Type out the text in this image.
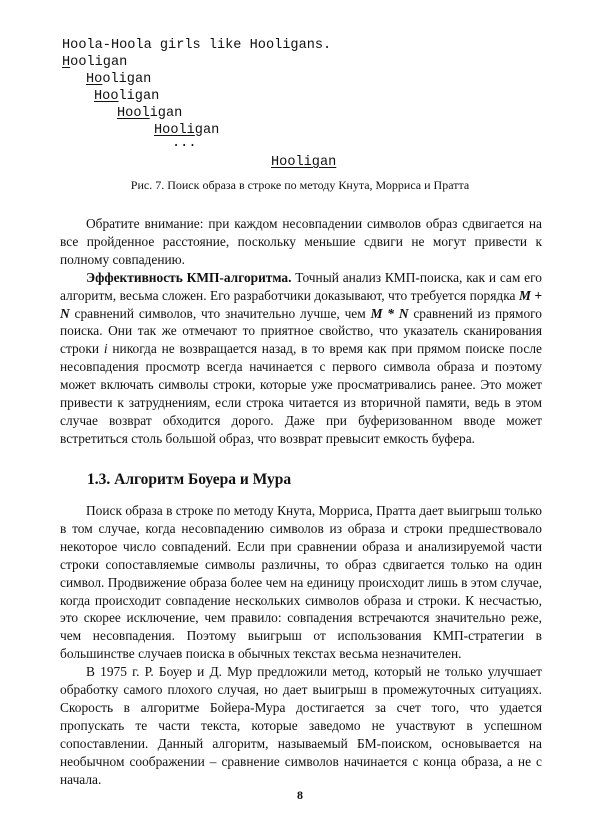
Hoola-Hoola girls like Hooligans.
Hooligan
Hooligan
Hooligan
Hooligan
Hooligan
...
Hooligan
Рис. 7. Поиск образа в строке по методу Кнута, Морриса и Пратта

Обратите внимание: при каждом несовпадении символов образ сдвигается на все пройденное расстояние, поскольку меньшие сдвиги не могут привести к полному совпадению.

Эффективность КМП-алгоритма. Точный анализ КМП-поиска, как и сам его алгоритм, весьма сложен. Его разработчики доказывают, что требуется порядка M + N сравнений символов, что значительно лучше, чем M * N сравнений из прямого поиска. Они так же отмечают то приятное свойство, что указатель сканирования строки i никогда не возвращается назад, в то время как при прямом поиске после несовпадения просмотр всегда начинается с первого символа образа и поэтому может включать символы строки, которые уже просматривались ранее. Это может привести к затруднениям, если строка читается из вторичной памяти, ведь в этом случае возврат обходится дорого. Даже при буферизованном вводе может встретиться столь большой образ, что возврат превысит емкость буфера.

1.3. Алгоритм Боуера и Мура

Поиск образа в строке по методу Кнута, Морриса, Пратта дает выигрыш только в том случае, когда несовпадению символов из образа и строки предшествовало некоторое число совпадений. Если при сравнении образа и анализируемой части строки сопоставляемые символы различны, то образ сдвигается только на один символ. Продвижение образа более чем на единицу происходит лишь в этом случае, когда происходит совпадение нескольких символов образа и строки. К несчастью, это скорее исключение, чем правило: совпадения встречаются значительно реже, чем несовпадения. Поэтому выигрыш от использования КМП-стратегии в большинстве случаев поиска в обычных текстах весьма незначителен.

В 1975 г. Р. Боуер и Д. Мур предложили метод, который не только улучшает обработку самого плохого случая, но дает выигрыш в промежуточных ситуациях. Скорость в алгоритме Бойера-Мура достигается за счет того, что удается пропускать те части текста, которые заведомо не участвуют в успешном сопоставлении. Данный алгоритм, называемый БМ-поиском, основывается на необычном соображении – сравнение символов начинается с конца образа, а не с начала.

8
